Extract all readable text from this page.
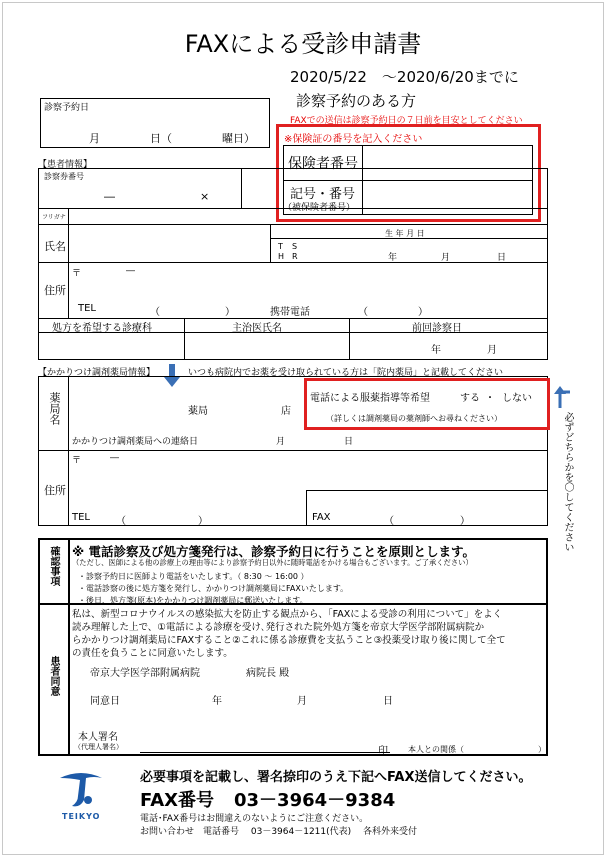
FAXによる受診申請書
2020/5/22　～2020/6/20までに
診察予約のある方
FAXでの送信は診察予約日の７日前を目安としてください
診察予約日
月	日（	曜日）	※保険証の番号を記入ください
保険者番号
記号・番号
（被保険者番号）
【患者情報】
診察券番号
―	×
フリガナ
氏名
生 年 月 日
T S
H R	年	月	日
住所
〒	―
TEL	（	）	携帯電話	（	）
処方を希望する診療科	主治医氏名	前回診察日
年	月
【かかりつけ調剤薬局情報】	いつも病院内でお薬を受け取られている方は「院内薬局」と記載してください
薬局名	薬局	店
かかりつけ調剤薬局への連絡日	月	日
電話による服薬指導等希望	する ・ しない
（詳しくは調剤薬局の薬剤師へお尋ねください）	必ずどちらかを〇してください
住所
〒	―
TEL	（	）	FAX	（	）
確認事項 ※ 電話診察及び処方箋発行は、診察予約日に行うことを原則とします。
（ただし、医師による他の診療上の理由等により診察予約日以外に随時電話をかける場合もございます。ご了承ください）
・診察予約日に医師より電話をいたします。（ 8:30 ～ 16:00 ）
・電話診察の後に処方箋を発行し、かかりつけ調剤薬局にFAXいたします。
・後日、処方箋(原本)をかかりつけ調剤薬局に郵送いたします。
患者同意
私は、新型コロナウイルスの感染拡大を防止する観点から、「FAXによる受診の利用について」をよく
読み理解した上で、①電話による診療を受け､発行された院外処方箋を帝京大学医学部附属病院か
らかかりつけ調剤薬局にFAXすること②これに係る診療費を支払うこと③投薬受け取り後に関して全て
の責任を負うことに同意いたします。
帝京大学医学部附属病院	病院長 殿
同意日	年	月	日
本人署名
（代理人署名）	印	本人との関係（	）
TEIKYO
必要事項を記載し、署名捺印のうえ下記へFAX送信してください。
FAX番号 03－3964－9384
電話･FAX番号はお間違えのないようにご注意ください。
お問い合わせ　電話番号　 03－3964－1211(代表)　 各科外来受付
